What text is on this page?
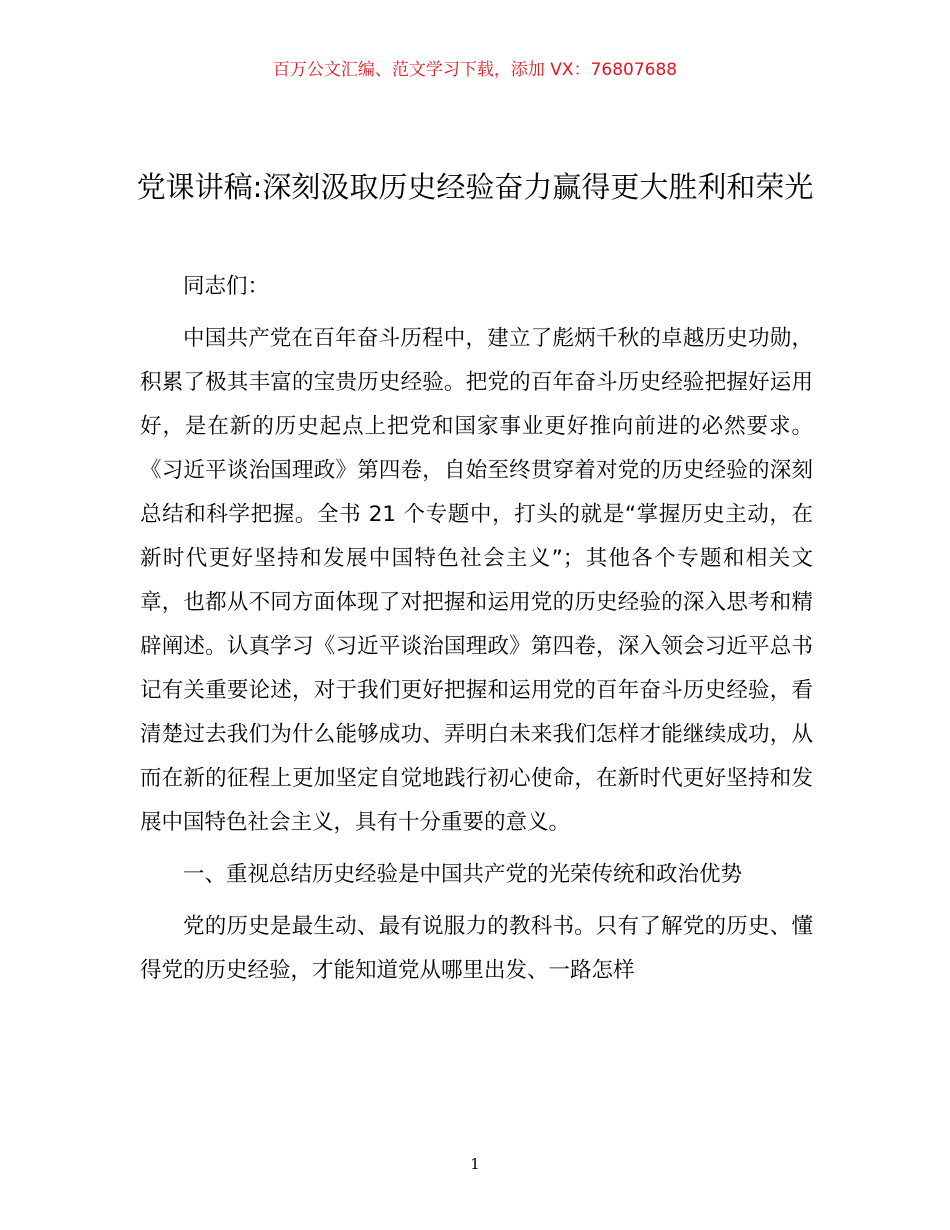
百万公文汇编、范文学习下载，添加 VX：76807688
党课讲稿:深刻汲取历史经验奋力赢得更大胜利和荣光

同志们：

中国共产党在百年奋斗历程中，建立了彪炳千秋的卓越历史功勋，积累了极其丰富的宝贵历史经验。把党的百年奋斗历史经验把握好运用好，是在新的历史起点上把党和国家事业更好推向前进的必然要求。《习近平谈治国理政》第四卷，自始至终贯穿着对党的历史经验的深刻总结和科学把握。全书 21 个专题中，打头的就是“掌握历史主动，在新时代更好坚持和发展中国特色社会主义”；其他各个专题和相关文章，也都从不同方面体现了对把握和运用党的历史经验的深入思考和精辟阐述。认真学习《习近平谈治国理政》第四卷，深入领会习近平总书记有关重要论述，对于我们更好把握和运用党的百年奋斗历史经验，看清楚过去我们为什么能够成功、弄明白未来我们怎样才能继续成功，从而在新的征程上更加坚定自觉地践行初心使命，在新时代更好坚持和发展中国特色社会主义，具有十分重要的意义。

一、重视总结历史经验是中国共产党的光荣传统和政治优势

党的历史是最生动、最有说服力的教科书。只有了解党的历史、懂得党的历史经验，才能知道党从哪里出发、一路怎样

1
